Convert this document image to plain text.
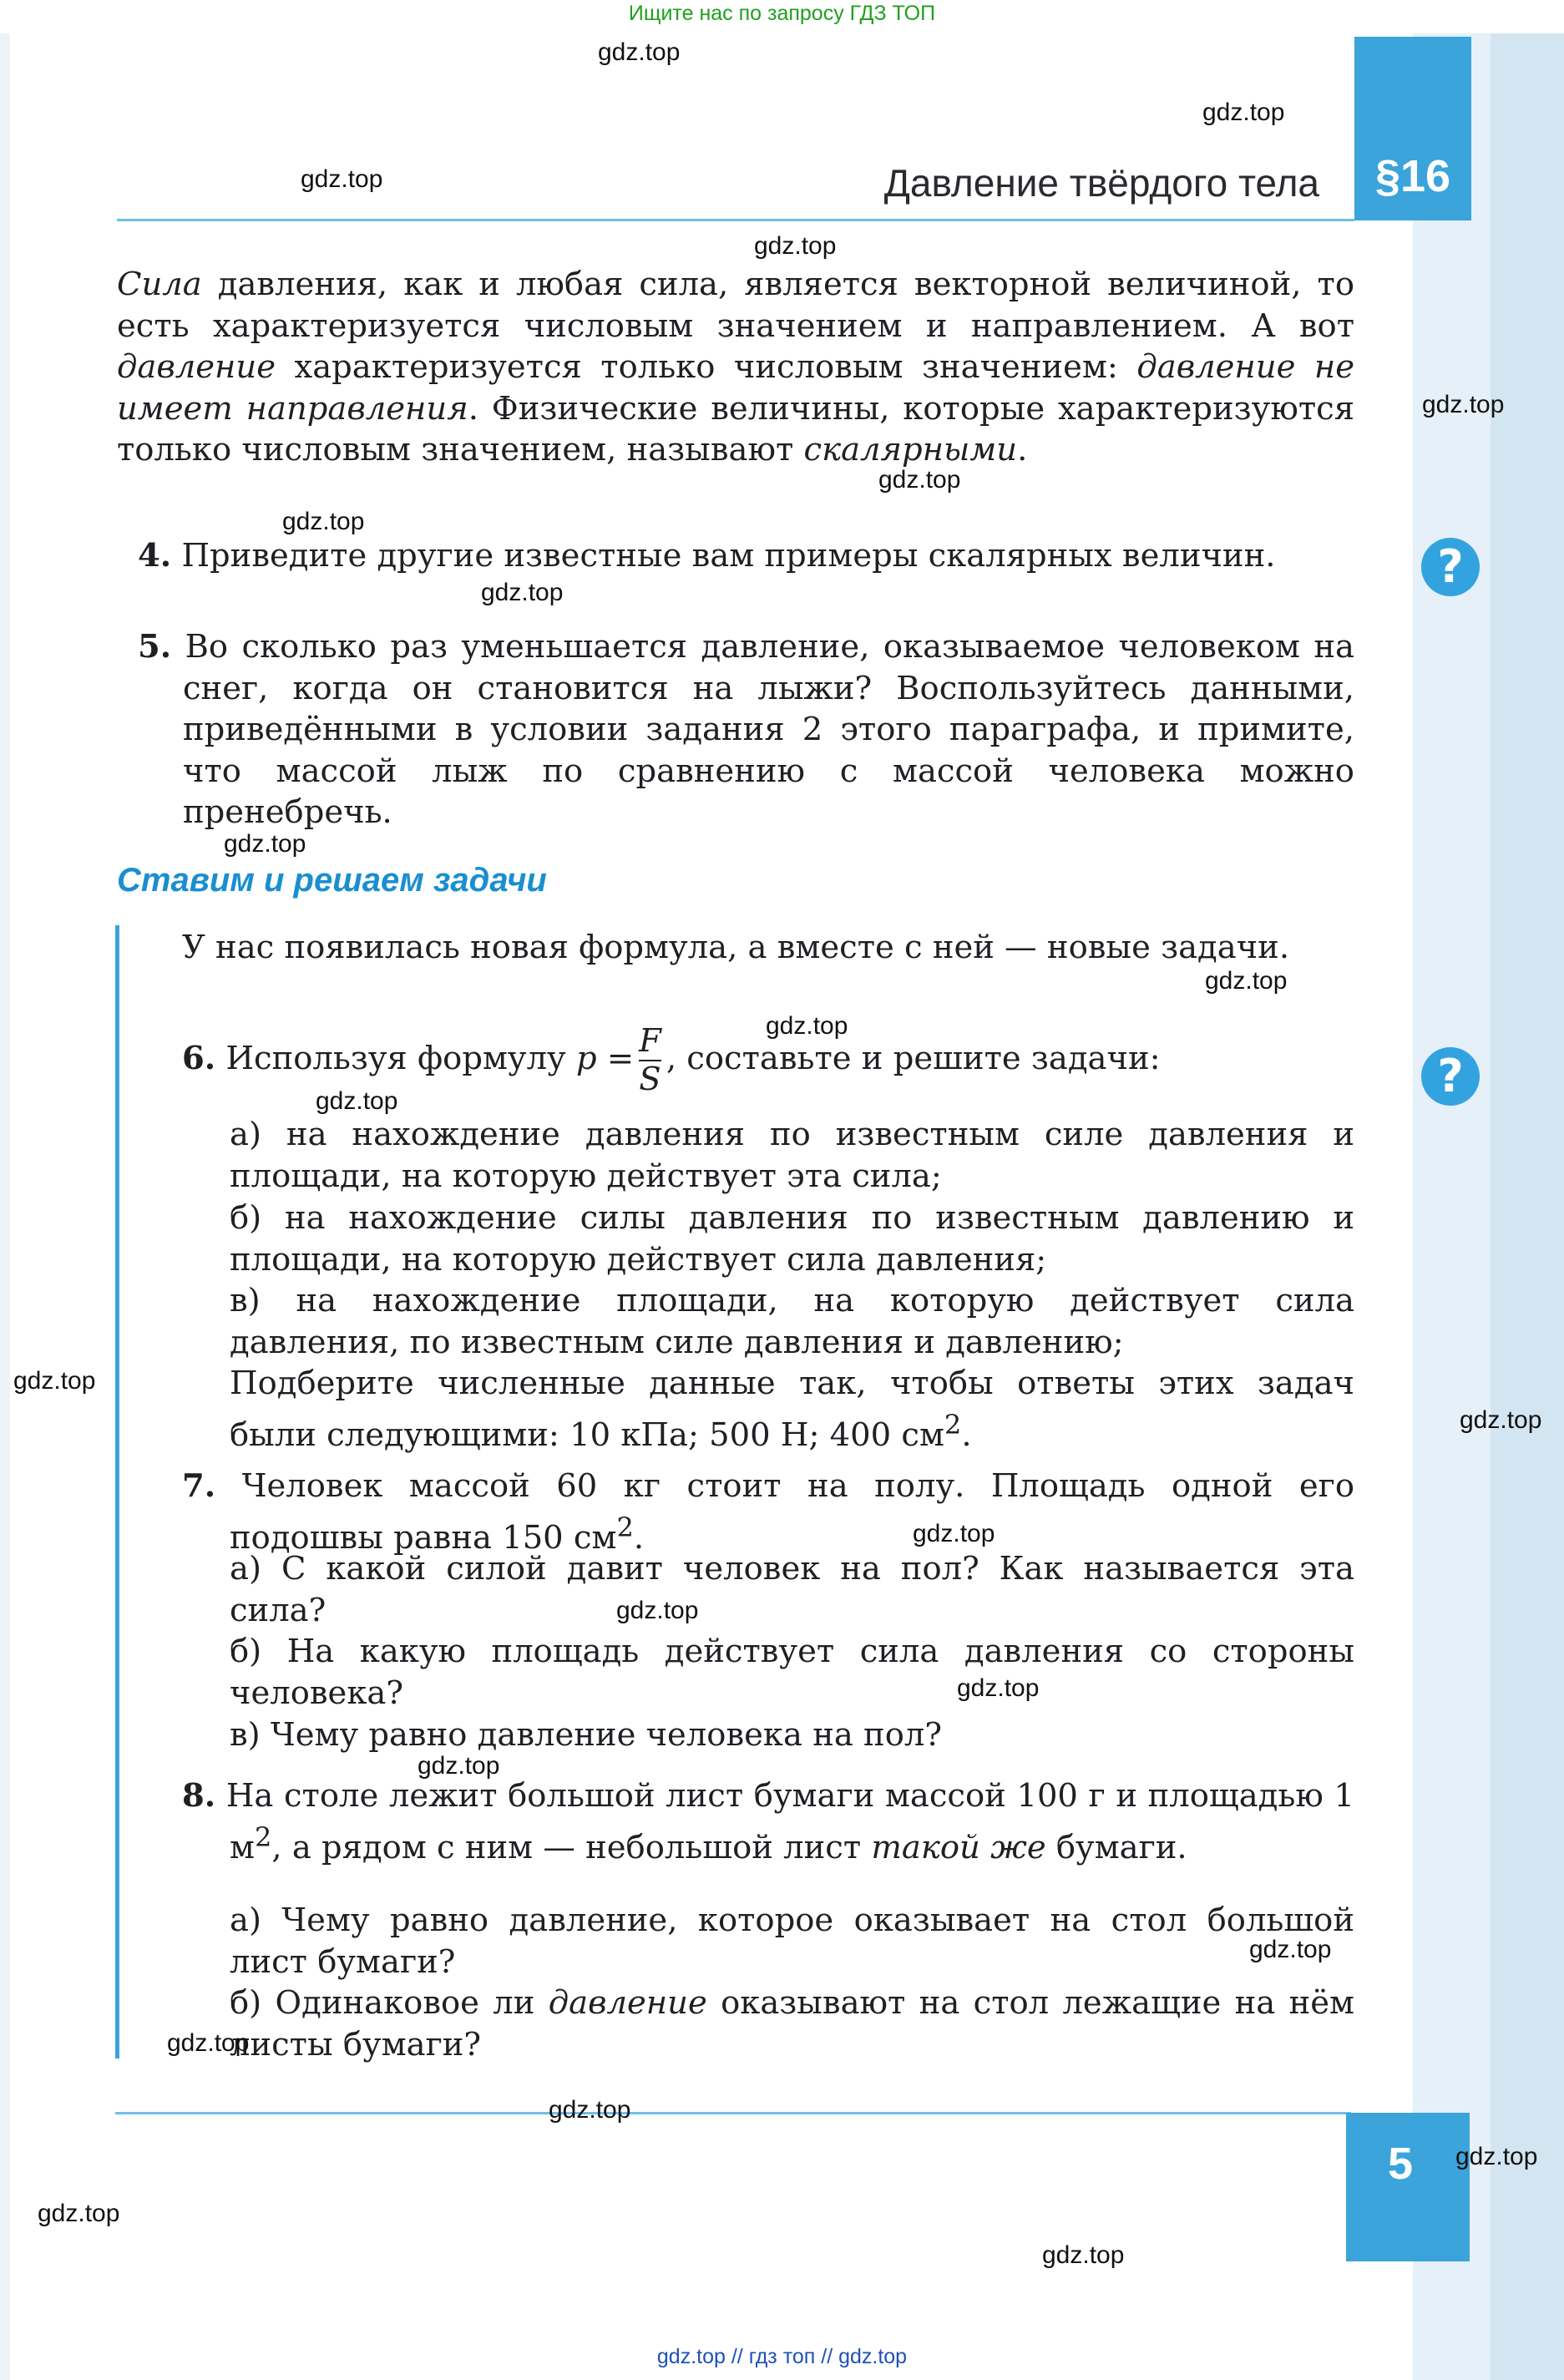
Ищите нас по запросу ГДЗ ТОП
§16
Давление твёрдого тела
Сила давления, как и любая сила, является векторной величиной, то есть характеризуется числовым значением и направлением. А вот давление характеризуется только числовым значением: давление не имеет направления. Физические величины, которые характеризуются только числовым значением, называют скалярными.
4. Приведите другие известные вам примеры скалярных величин.
5. Во сколько раз уменьшается давление, оказываемое человеком на снег, когда он становится на лыжи? Воспользуйтесь данными, приведёнными в условии задания 2 этого параграфа, и примите, что массой лыж по сравнению с массой человека можно пренебречь.
?
?
Ставим и решаем задачи
У нас появилась новая формула, а вместе с ней — новые задачи.
6. Используя формулу $p = \frac{F}{S}$ , составьте и решите задачи:
а) на нахождение давления по известным силе давления и площади, на которую действует эта сила;
б) на нахождение силы давления по известным давлению и площади, на которую действует сила давления;
в) на нахождение площади, на которую действует сила давления, по известным силе давления и давлению;
Подберите численные данные так, чтобы ответы этих задач были следующими: 10 кПа; 500 Н; 400 $см^2$.
7. Человек массой 60 кг стоит на полу. Площадь одной его подошвы равна 150 $см^2$.
а) С какой силой давит человек на пол? Как называется эта сила?
б) На какую площадь действует сила давления со стороны человека?
в) Чему равно давление человека на пол?
8. На столе лежит большой лист бумаги массой 100 г и площадью 1 $м^2$, а рядом с ним — небольшой лист такой же бумаги.
а) Чему равно давление, которое оказывает на стол большой лист бумаги?
б) Одинаковое ли давление оказывают на стол лежащие на нём листы бумаги?
5
gdz.top
gdz.top
gdz.top
gdz.top
gdz.top
gdz.top
gdz.top
gdz.top
gdz.top
gdz.top
gdz.top
gdz.top
gdz.top
gdz.top
gdz.top
gdz.top
gdz.top
gdz.top
gdz.top
gdz.top
gdz.top
gdz.top
gdz.top
gdz.top
gdz.top // гдз топ // gdz.top
